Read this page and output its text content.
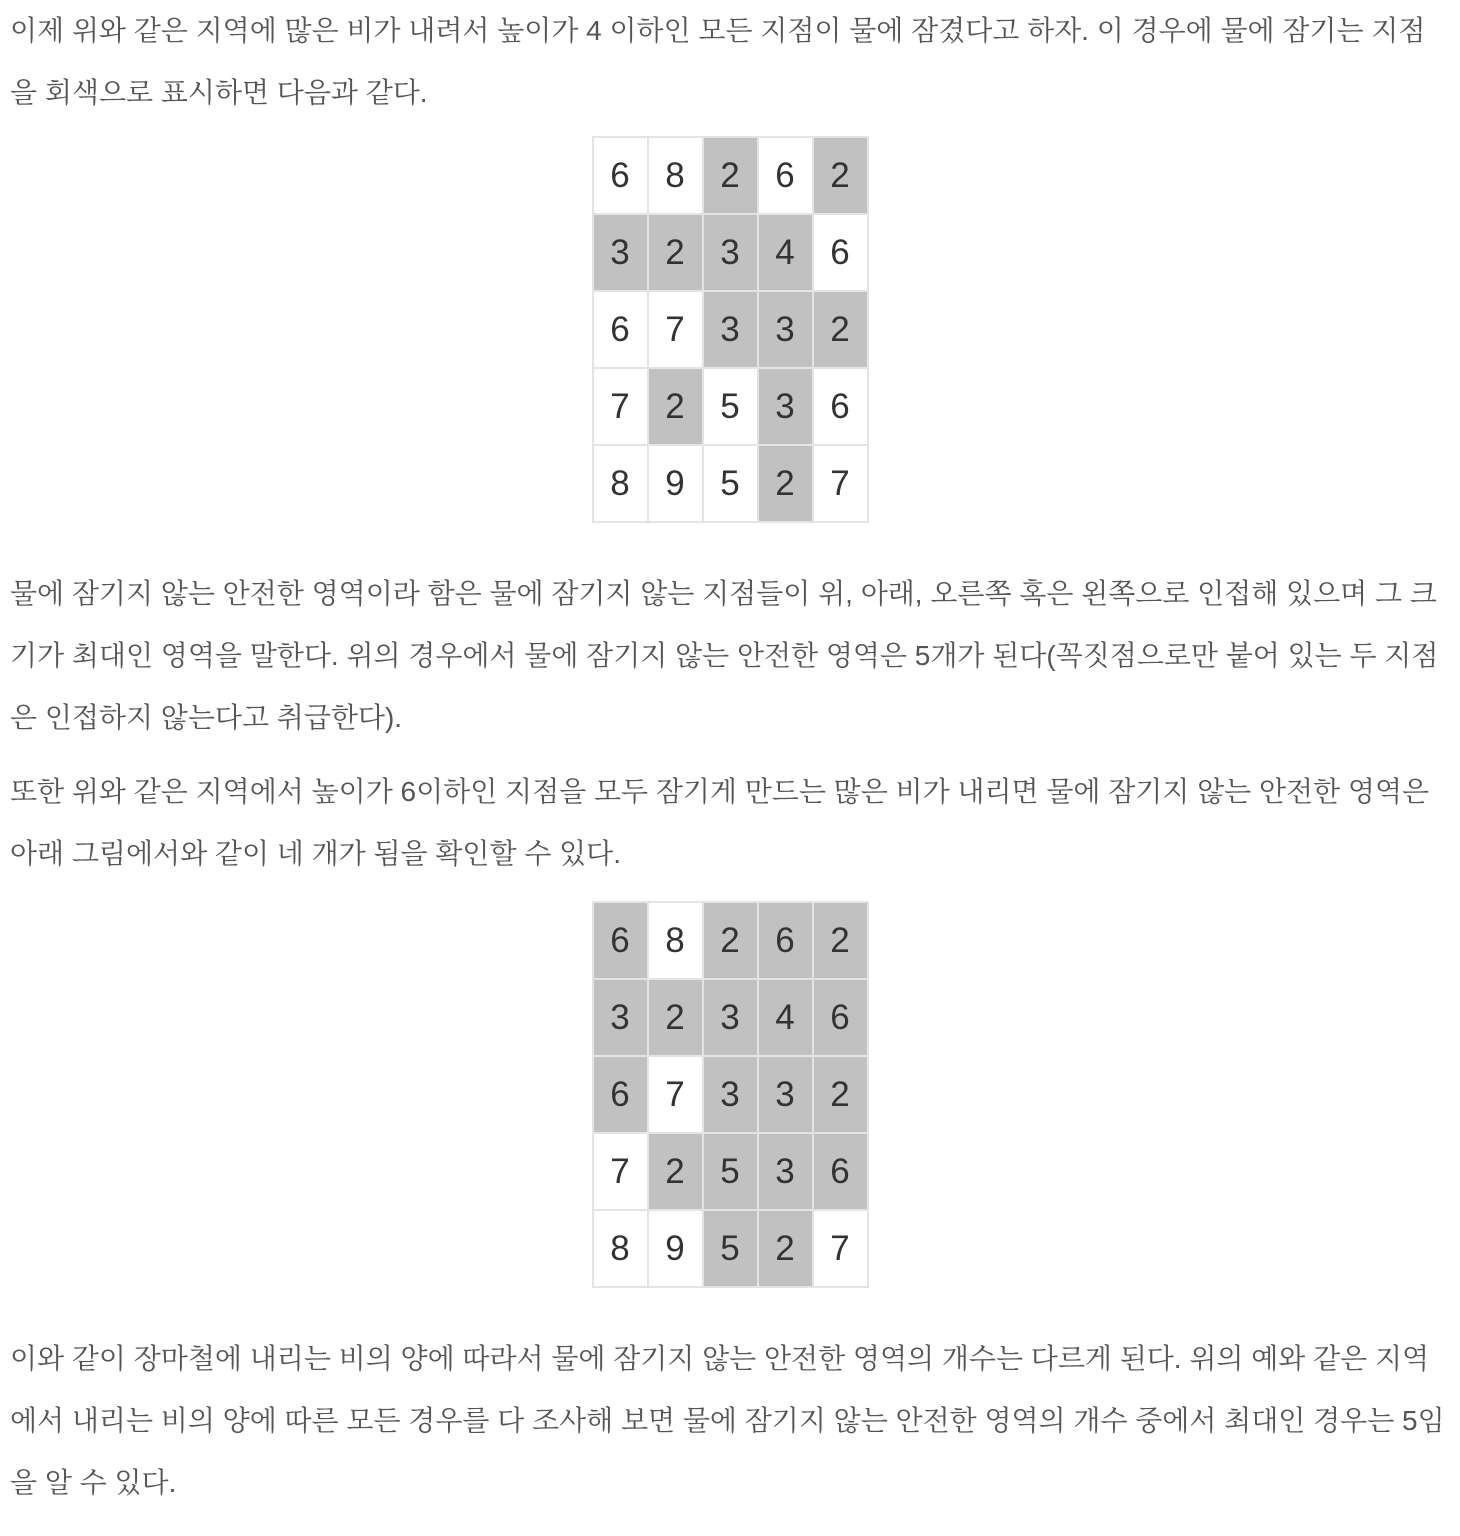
이제 위와 같은 지역에 많은 비가 내려서 높이가 4 이하인 모든 지점이 물에 잠겼다고 하자. 이 경우에 물에 잠기는 지점을 회색으로 표시하면 다음과 같다.

6	8	2	6	2
3	2	3	4	6
6	7	3	3	2
7	2	5	3	6
8	9	5	2	7

물에 잠기지 않는 안전한 영역이라 함은 물에 잠기지 않는 지점들이 위, 아래, 오른쪽 혹은 왼쪽으로 인접해 있으며 그 크기가 최대인 영역을 말한다. 위의 경우에서 물에 잠기지 않는 안전한 영역은 5개가 된다(꼭짓점으로만 붙어 있는 두 지점은 인접하지 않는다고 취급한다).

또한 위와 같은 지역에서 높이가 6이하인 지점을 모두 잠기게 만드는 많은 비가 내리면 물에 잠기지 않는 안전한 영역은 아래 그림에서와 같이 네 개가 됨을 확인할 수 있다.

6	8	2	6	2
3	2	3	4	6
6	7	3	3	2
7	2	5	3	6
8	9	5	2	7

이와 같이 장마철에 내리는 비의 양에 따라서 물에 잠기지 않는 안전한 영역의 개수는 다르게 된다. 위의 예와 같은 지역에서 내리는 비의 양에 따른 모든 경우를 다 조사해 보면 물에 잠기지 않는 안전한 영역의 개수 중에서 최대인 경우는 5임을 알 수 있다.
